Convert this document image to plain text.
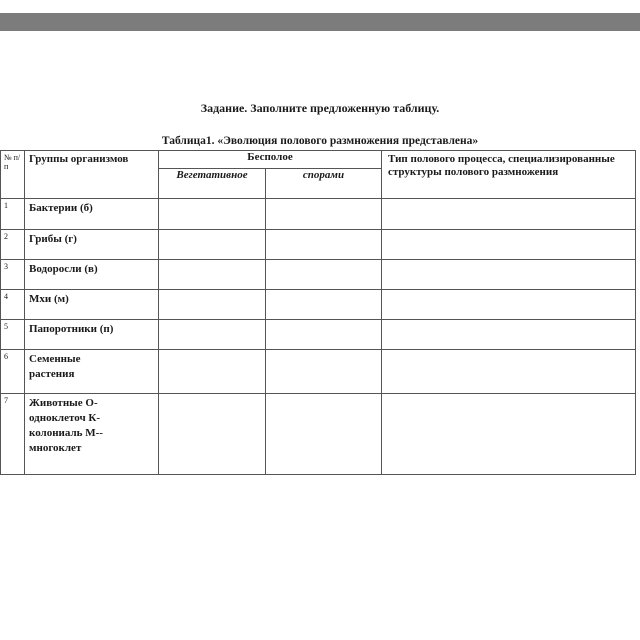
Задание. Заполните предложенную таблицу.
Таблица1. «Эволюция полового размножения представлена»
№ п/п	Группы организмов	Бесполое		Тип полового процесса, специализированные структуры полового размножения
		Вегетативное	спорами	
1	Бактерии (б)			
2	Грибы (г)			
3	Водоросли (в)			
4	Мхи (м)			
5	Папоротники (п)			
6	Семенные растения			
7	Животные О-одноклеточ К-колониаль М-- многоклет			
